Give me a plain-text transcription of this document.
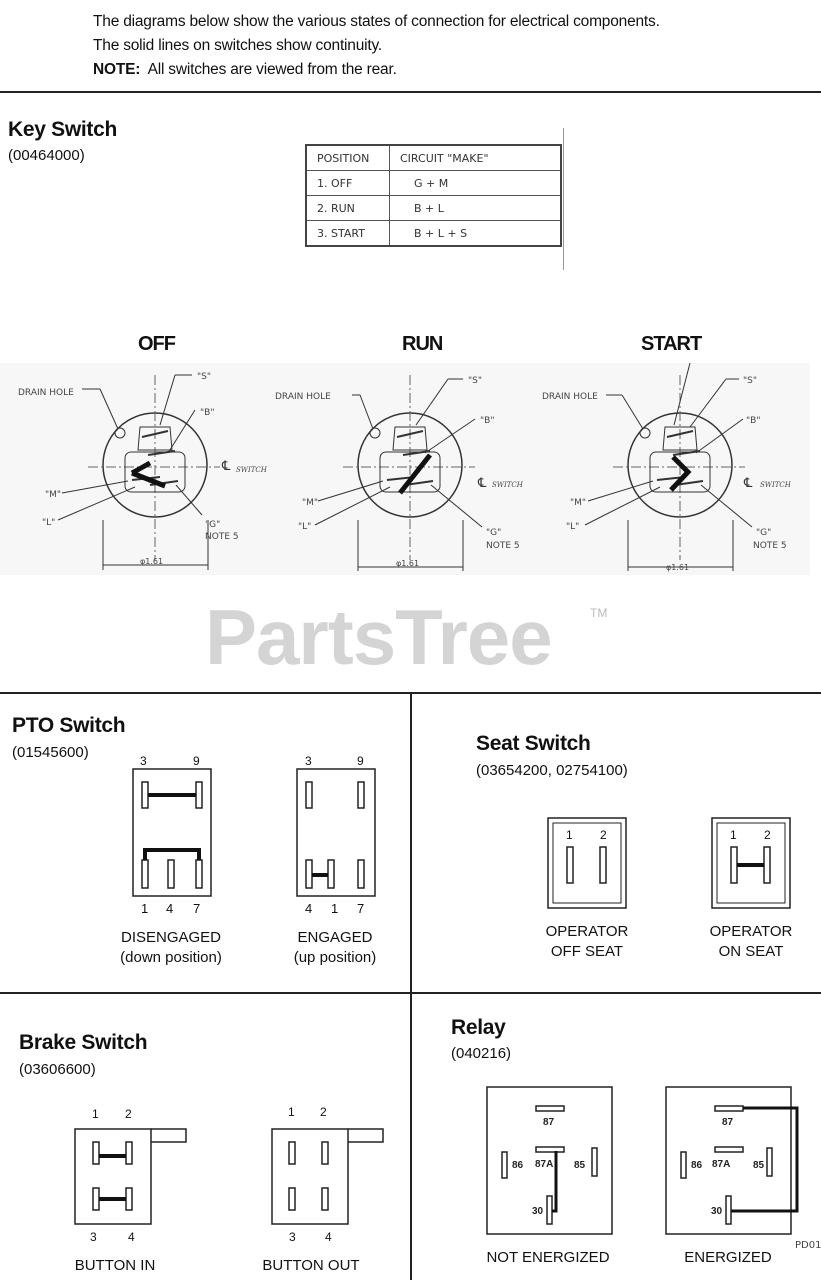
The diagrams below show the various states of connection for electrical components.
The solid lines on switches show continuity.
NOTE: All switches are viewed from the rear.
Key Switch
(00464000)	POSITION	CIRCUIT "MAKE"
1. OFF	G + M
2. RUN	B + L
3. START	B + L + S
OFF	RUN	START
DRAIN HOLE
"S"
"B"
"M"
"L"	"G"
NOTE 5
℄ SWITCH
φ1.61
DRAIN HOLE
"S"
"B"
"M"
"L"
"G"
NOTE 5
℄ SWITCH
φ1.61
DRAIN HOLE
"S"
"B"
"M"
"L"
"G"
NOTE 5
℄ SWITCH
φ1.61
PartsTree	TM
PTO Switch
(01545600)	3	9
1 4 7
DISENGAGED
(down position)
3	9
4 1 7
ENGAGED
(up position)
Seat Switch
(03654200, 02754100)
1 2
OPERATOR
OFF SEAT
1 2
OPERATOR
ON SEAT
Brake Switch
(03606600)
1 2
3	4
BUTTON IN
1 2
3 4
BUTTON OUT
Relay
(040216)
87
86 87A 85
30
NOT ENERGIZED
87
86 87A 85
30
ENERGIZED
PD01
